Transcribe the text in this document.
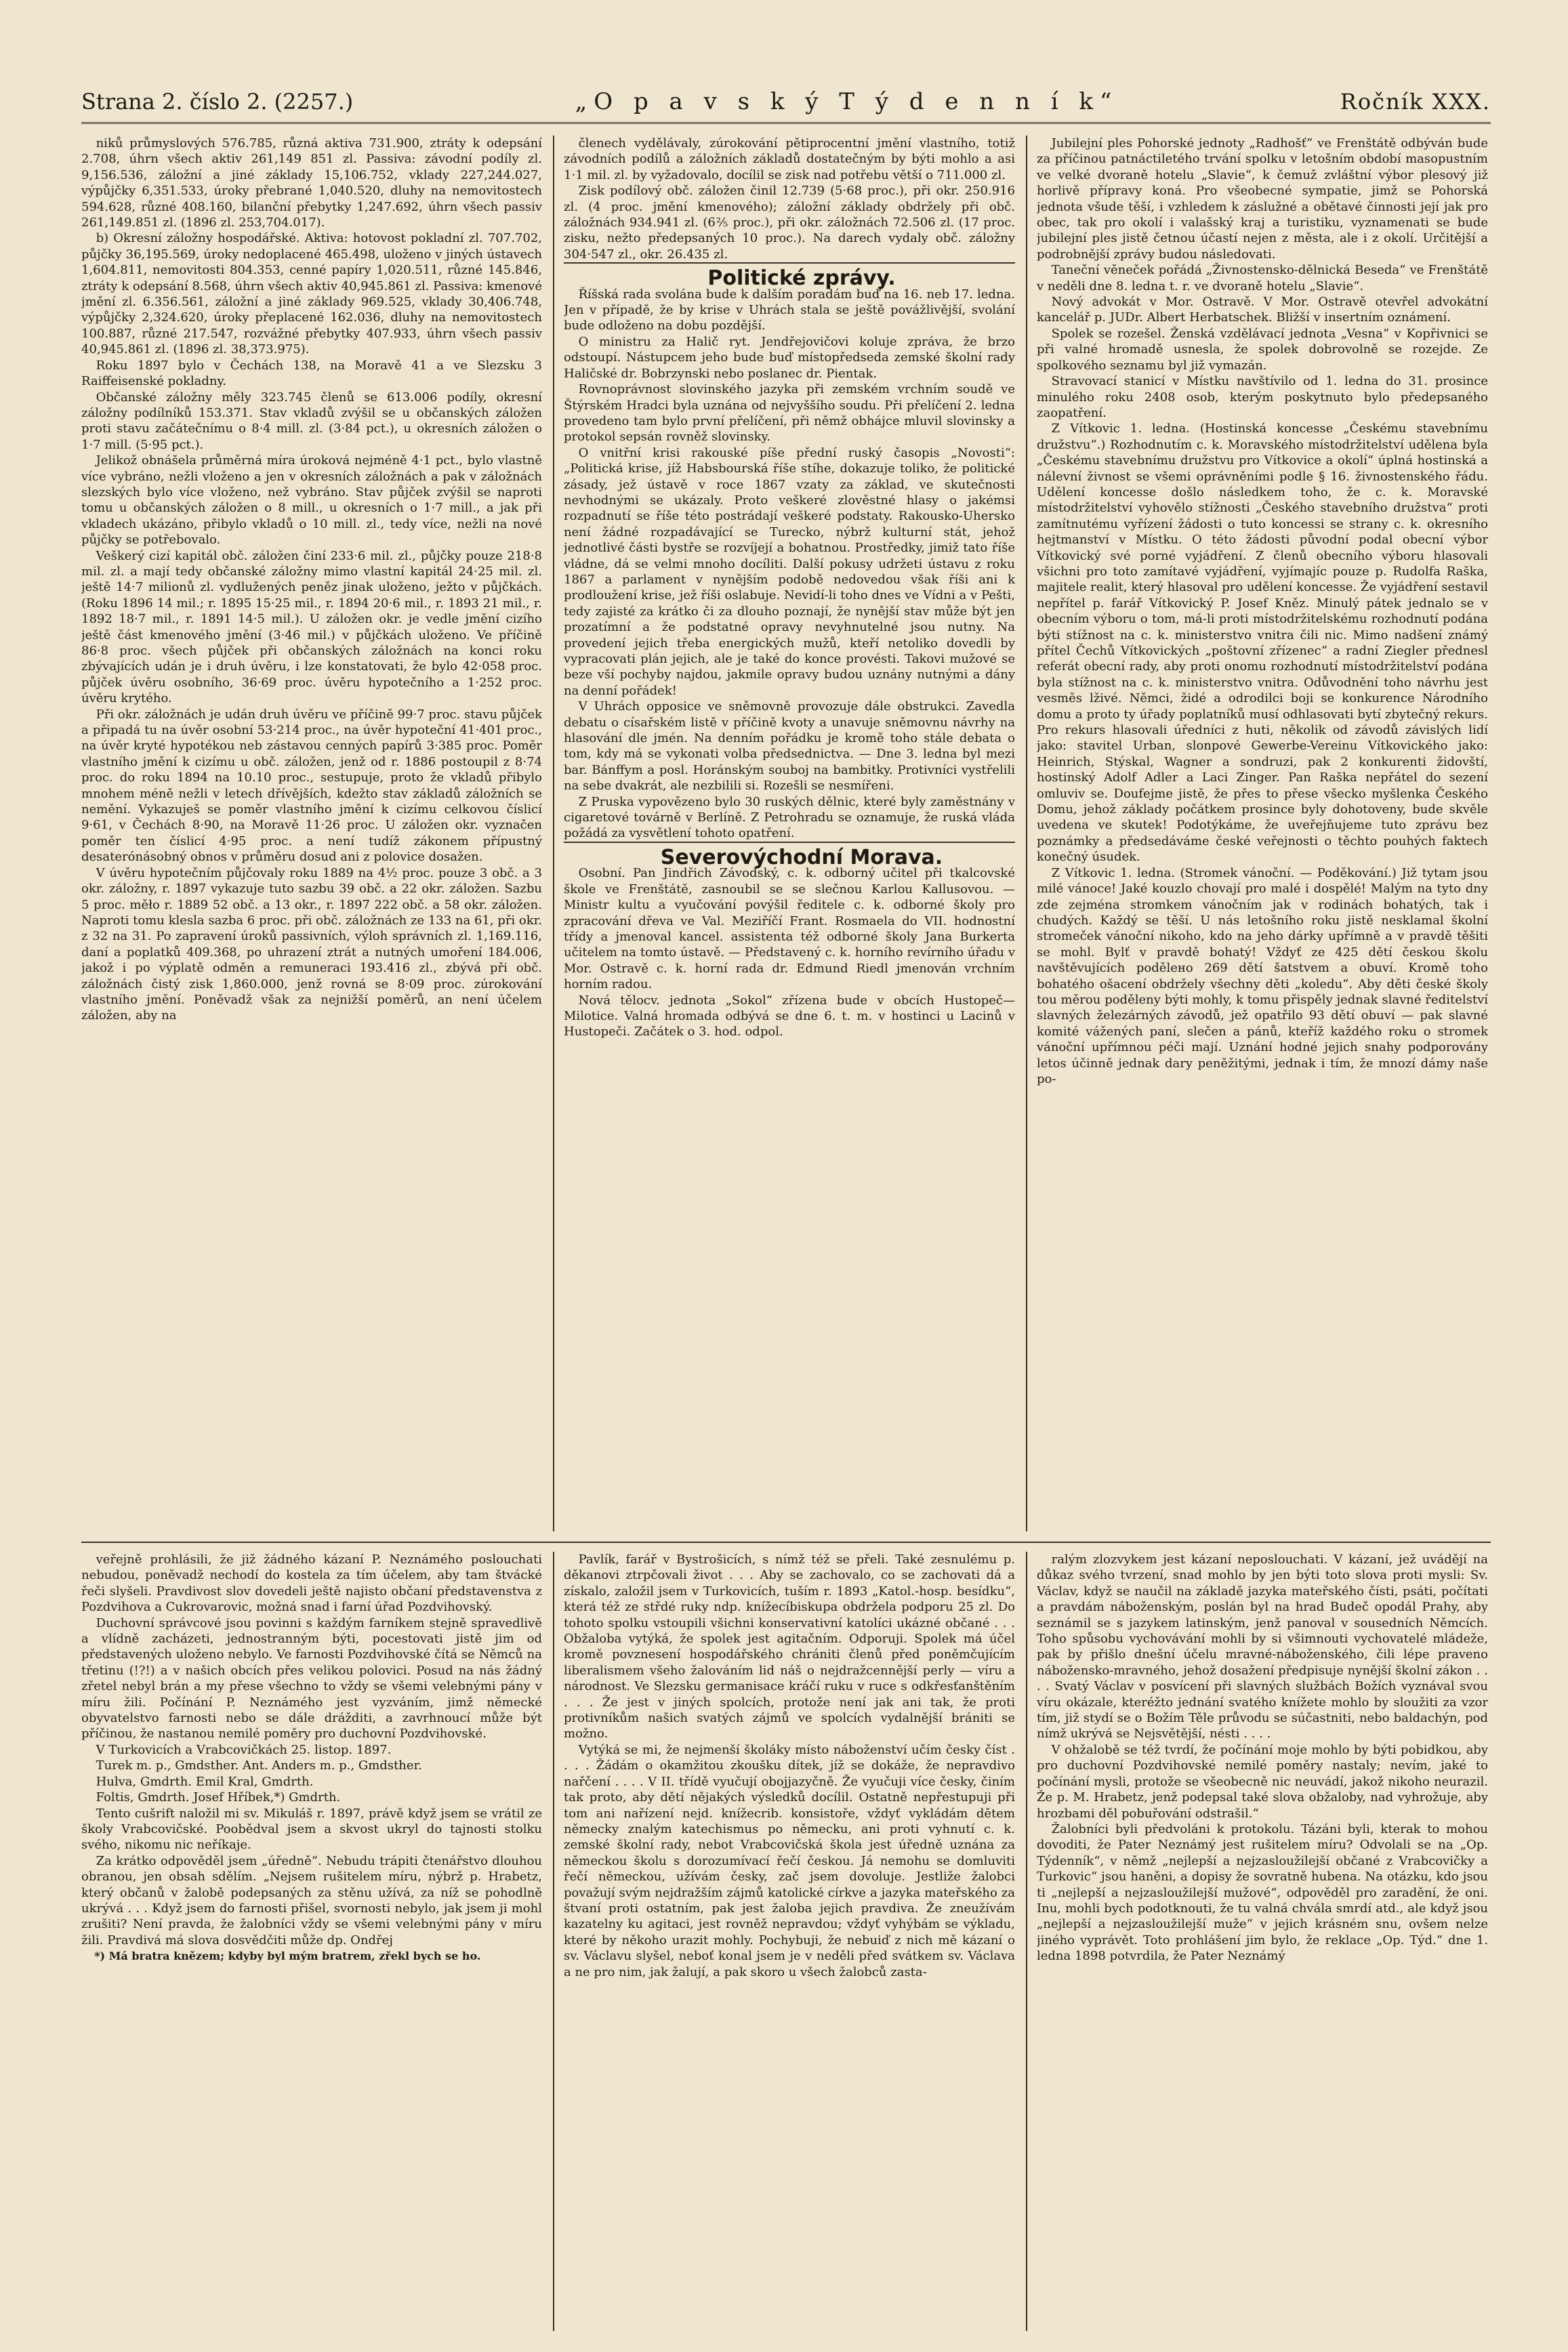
Strana 2. číslo 2. (2257.)	„O p a v s k ý T ý d e n n í k“	Ročník XXX.

niků průmyslových 576.785, různá aktiva 731.900, ztráty k odepsání 2.708, úhrn všech aktiv 261,149 851 zl. Passiva: závodní podíly zl. 9,156.536, záložní a jiné základy 15,106.752, vklady 227,244.027, výpůjčky 6,351.533, úroky přebrané 1,040.520, dluhy na nemovitostech 594.628, různé 408.160, bilanční přebytky 1,247.692, úhrn všech passiv 261,149.851 zl. (1896 zl. 253,704.017).

b) Okresní záložny hospodářské. Aktiva: hotovost pokladní zl. 707.702, půjčky 36,195.569, úroky nedoplacené 465.498, uloženo v jiných ústavech 1,604.811, nemovitosti 804.353, cenné papíry 1,020.511, různé 145.846, ztráty k odepsání 8.568, úhrn všech aktiv 40,945.861 zl. Passiva: kmenové jmění zl. 6.356.561, záložní a jiné základy 969.525, vklady 30,406.748, výpůjčky 2,324.620, úroky přeplacené 162.036, dluhy na nemovitostech 100.887, různé 217.547, rozvážné přebytky 407.933, úhrn všech passiv 40,945.861 zl. (1896 zl. 38,373.975).

Roku 1897 bylo v Čechách 138, na Moravě 41 a ve Slezsku 3 Raiffeisenské pokladny.

Občanské záložny měly 323.745 členů se 613.006 podíly, okresní záložny podílníků 153.371. Stav vkladů zvýšil se u občanských záložen proti stavu začátečnímu o 8·4 mill. zl. (3·84 pct.), u okresních záložen o 1·7 mill. (5·95 pct.).

Jelikož obnášela průměrná míra úroková nejméně 4·1 pct., bylo vlastně více vybráno, nežli vloženo a jen v okresních záložnách a pak v záložnách slezských bylo více vloženo, než vybráno. Stav půjček zvýšil se naproti tomu u občanských záložen o 8 mill., u okresních o 1·7 mill., a jak při vkladech ukázáno, přibylo vkladů o 10 mill. zl., tedy více, nežli na nové půjčky se potřebovalo.

Veškerý cizí kapitál obč. záložen činí 233·6 mil. zl., půjčky pouze 218·8 mil. zl. a mají tedy občanské záložny mimo vlastní kapitál 24·25 mil. zl. ještě 14·7 milionů zl. vydlužených peněz jinak uloženo, ježto v půjčkách. (Roku 1896 14 mil.; r. 1895 15·25 mil., r. 1894 20·6 mil., r. 1893 21 mil., r. 1892 18·7 mil., r. 1891 14·5 mil.). U záložen okr. je vedle jmění cizího ještě část kmenového jmění (3·46 mil.) v půjčkách uloženo. Ve příčině 86·8 proc. všech půjček při občanských záložnách na konci roku zbývajících udán je i druh úvěru, i lze konstatovati, že bylo 42·058 proc. půjček úvěru osobního, 36·69 proc. úvěru hypotečního a 1·252 proc. úvěru krytého.

Při okr. záložnách je udán druh úvěru ve příčině 99·7 proc. stavu půjček a připadá tu na úvěr osobní 53·214 proc., na úvěr hypoteční 41·401 proc., na úvěr kryté hypotékou neb zástavou cenných papírů 3·385 proc. Poměr vlastního jmění k cizímu u obč. záložen, jenž od r. 1886 postoupil z 8·74 proc. do roku 1894 na 10.10 proc., sestupuje, proto že vkladů přibylo mnohem méně nežli v letech dřívějších, kdežto stav základů záložních se nemění. Vykazuješ se poměr vlastního jmění k cizímu celkovou číslicí 9·61, v Čechách 8·90, na Moravě 11·26 proc. U záložen okr. vyznačen poměr ten číslicí 4·95 proc. a není tudíž zákonem přípustný desaterónásobný obnos v průměru dosud ani z polovice dosažen.

V úvěru hypotečním půjčovaly roku 1889 na 4½ proc. pouze 3 obč. a 3 okr. záložny, r. 1897 vykazuje tuto sazbu 39 obč. a 22 okr. záložen. Sazbu 5 proc. měło r. 1889 52 obč. a 13 okr., r. 1897 222 obč. a 58 okr. záložen. Naproti tomu klesla sazba 6 proc. při obč. záložnách ze 133 na 61, při okr. z 32 na 31. Po zapravení úroků passivních, výloh správních zl. 1,169.116, daní a poplatků 409.368, po uhrazení ztrát a nutných umoření 184.006, jakož i po výplatě odměn a remuneraci 193.416 zl., zbývá při obč. záložnách čistý zisk 1,860.000, jenž rovná se 8·09 proc. zúrokování vlastního jmění. Poněvadž však za nejnižší poměrů, an není účelem záložen, aby na

členech vydělávaly, zúrokování pětiprocentní jmění vlastního, totiž závodních podílů a záložních základů dostatečným by býti mohlo a asi 1·1 mil. zl. by vyžadovalo, docílil se zisk nad potřebu větší o 711.000 zl.

Zisk podílový obč. záložen činil 12.739 (5·68 proc.), při okr. 250.916 zl. (4 proc. jmění kmenového); záložní základy obdržely při obč. záložnách 934.941 zl. (6⅖ proc.), při okr. záložnách 72.506 zl. (17 proc. zisku, nežto předepsaných 10 proc.). Na darech vydaly obč. záložny 304·547 zl., okr. 26.435 zl.

Politické zprávy.

Říšská rada svolána bude k dalším poradám buď na 16. neb 17. ledna. Jen v případě, že by krise v Uhrách stala se ještě povážlivější, svolání bude odloženo na dobu pozdější.

O ministru za Halič ryt. Jendřejovičovi koluje zpráva, že brzo odstoupí. Nástupcem jeho bude buď místopředseda zemské školní rady Haličské dr. Bobrzynski nebo poslanec dr. Pientak.

Rovnoprávnost slovinského jazyka při zemském vrchním soudě ve Štýrském Hradci byla uznána od nejvyššího soudu. Při přelíčení 2. ledna provedeno tam bylo první přelíčení, při němž obhájce mluvil slovinsky a protokol sepsán rovněž slovinsky.

O vnitřní krisi rakouské píše přední ruský časopis „Novosti“: „Politická krise, jíž Habsbourská říše stíhe, dokazuje toliko, že politické zásady, jež ústavě v roce 1867 vzaty za základ, ve skutečnosti nevhodnými se ukázaly. Proto veškeré zlověstné hlasy o jakémsi rozpadnutí se říše této postrádají veškeré podstaty. Rakousko-Uhersko není žádné rozpadávající se Turecko, nýbrž kulturní stát, jehož jednotlivé části bystře se rozvíjejí a bohatnou. Prostředky, jimiž tato říše vládne, dá se velmi mnoho docíliti. Další pokusy udržeti ústavu z roku 1867 a parlament v nynějším podobě nedovedou však říši ani k prodloužení krise, jež říši oslabuje. Nevidí-li toho dnes ve Vídni a v Pešti, tedy zajisté za krátko či za dlouho poznají, že nynější stav může být jen prozatímní a že podstatné opravy nevyhnutelné jsou nutny. Na provedení jejich třeba energických mužů, kteří netoliko dovedli by vypracovati plán jejich, ale je také do konce provésti. Takovi mužové se beze vší pochyby najdou, jakmile opravy budou uznány nutnými a dány na denní pořádek!

V Uhrách opposice ve sněmovně provozuje dále obstrukci. Zavedla debatu o císařském listě v příčině kvoty a unavuje sněmovnu návrhy na hlasování dle jmén. Na denním pořádku je kromě toho stále debata o tom, kdy má se vykonati volba předsednictva. — Dne 3. ledna byl mezi bar. Bánffym a posl. Horánským souboj na bambitky. Protivníci vystřelili na sebe dvakrát, ale nezbilili si. Rozešli se nesmířeni.

Z Pruska vypovězeno bylo 30 ruských dělnic, které byly zaměstnány v cigaretové továrně v Berlíně. Z Petrohradu se oznamuje, že ruská vláda požádá za vysvětlení tohoto opatření.

Severovýchodní Morava.

Osobní. Pan Jindřich Závodský, c. k. odborný učitel při tkalcovské škole ve Frenštátě, zasnoubil se se slečnou Karlou Kallusovou. — Ministr kultu a vyučování povýšil ředitele c. k. odborné školy pro zpracování dřeva ve Val. Meziříčí Frant. Rosmaela do VII. hodnostní třídy a jmenoval kancel. assistenta též odborné školy Jana Burkerta učitelem na tomto ústavě. — Představený c. k. horního revírního úřadu v Mor. Ostravě c. k. horní rada dr. Edmund Riedl jmenován vrchním horním radou.

Nová tělocv. jednota „Sokol“ zřízena bude v obcích Hustopeč—Milotice. Valná hromada odbývá se dne 6. t. m. v hostinci u Lacinů v Hustopeči. Začátek o 3. hod. odpol.

Jubilejní ples Pohorské jednoty „Radhošť“ ve Frenštátě odbýván bude za příčinou patnáctiletého trvání spolku v letošním období masopustním ve velké dvoraně hotelu „Slavie“, k čemuž zvláštní výbor plesový již horlivě přípravy koná. Pro všeobecné sympatie, jimž se Pohorská jednota všude těší, i vzhledem k záslužné a obětavé činnosti její jak pro obec, tak pro okolí i valašský kraj a turistiku, vyznamenati se bude jubilejní ples jistě četnou účastí nejen z města, ale i z okolí. Určitější a podrobnější zprávy budou následovati.

Taneční věneček pořádá „Živnostensko-dělnická Beseda“ ve Frenštátě v neděli dne 8. ledna t. r. ve dvoraně hotelu „Slavie“.

Nový advokát v Mor. Ostravě. V Mor. Ostravě otevřel advokátní kancelář p. JUDr. Albert Herbatschek. Bližší v insertním oznámení.

Spolek se rozešel. Ženská vzdělávací jednota „Vesna“ v Kopřivnici se při valné hromadě usnesla, že spolek dobrovolně se rozejde. Ze spolkového seznamu byl již vymazán.

Stravovací stanicí v Místku navštívilo od 1. ledna do 31. prosince minulého roku 2408 osob, kterým poskytnuto bylo předepsaného zaopatření.

Z Vítkovic 1. ledna. (Hostinská koncesse „Českému stavebnímu družstvu“.) Rozhodnutím c. k. Moravského místodržitelství udělena byla „Českému stavebnímu družstvu pro Vítkovice a okolí“ úplná hostinská a nálevní živnost se všemi oprávněními podle § 16. živnostenského řádu. Udělení koncesse došlo následkem toho, že c. k. Moravské místodržitelství vyhovělo stížnosti „Českého stavebního družstva“ proti zamítnutému vyřízení žádosti o tuto koncessi se strany c. k. okresního hejtmanství v Místku. O této žádosti původní podal obecní výbor Vítkovický své porné vyjádření. Z členů obecního výboru hlasovali všichni pro toto zamítavé vyjádření, vyjímajíc pouze p. Rudolfa Raška, majitele realit, který hlasoval pro udělení koncesse. Že vyjádření sestavil nepřítel p. farář Vítkovický P. Josef Kněz. Minulý pátek jednalo se v obecním výboru o tom, má-li proti místodržitelskému rozhodnutí podána býti stížnost na c. k. ministerstvo vnitra čili nic. Mimo nadšení známý přítel Čechů Vítkovických „poštovní zřízenec“ a radní Ziegler přednesl referát obecní rady, aby proti onomu rozhodnutí místodržitelství podána byla stížnost na c. k. ministerstvo vnitra. Odůvodnění toho návrhu jest vesměs lživé. Němci, židé a odrodilci boji se konkurence Národního domu a proto ty úřady poplatníků musí odhlasovati bytí zbytečný rekurs. Pro rekurs hlasovali úředníci z huti, několik od závodů závislých lidí jako: stavitel Urban, slonpové Gewerbe-Vereinu Vítkovického jako: Heinrich, Stýskal, Wagner a sondruzi, pak 2 konkurenti židovští, hostinský Adolf Adler a Laci Zinger. Pan Raška nepřátel do sezení omluviv se. Doufejme jistě, že přes to přese všecko myšlenka Českého Domu, jehož základy počátkem prosince byly dohotoveny, bude skvěle uvedena ve skutek! Podotýkáme, že uveřejňujeme tuto zprávu bez poznámky a předsedáváme české veřejnosti o těchto pouhých faktech konečný úsudek.

Z Vítkovic 1. ledna. (Stromek vánoční. — Poděkování.) Již tytam jsou milé vánoce! Jaké kouzlo chovají pro malé i dospělé! Malým na tyto dny zde zejména stromkem vánočním jak v rodinách bohatých, tak i chudých. Každý se těší. U nás letošního roku jistě nesklamal školní stromeček vánoční nikoho, kdo na jeho dárky upřímně a v pravdě těšiti se mohl. Bylť v pravdě bohatý! Vždyť ze 425 dětí českou školu navštěvujících podělено 269 dětí šatstvem a obuví. Kromě toho bohatého ošacení obdržely všechny děti „koledu“. Aby děti české školy tou měrou poděleny býti mohly, k tomu přispěly jednak slavné ředitelství slavných železárných závodů, jež opatřilo 93 dětí obuví — pak slavné komité vážených paní, slečen a pánů, kteříž každého roku o stromek vánoční upřímnou péči mají. Uznání hodné jejich snahy podporovány letos účinně jednak dary peněžitými, jednak i tím, že mnozí dámy naše po-

veřejně prohlásili, že již žádného kázaní P. Neznámého poslouchati nebudou, poněvadž nechodí do kostela za tím účelem, aby tam štvácké řeči slyšeli. Pravdivost slov dovedeli ještě najisto občaní představenstva z Pozdvihova a Cukrovarovic, možná snad i farní úřad Pozdvihovský.

Duchovní správcové jsou povinni s každým farníkem stejně spravedlivě a vlídně zacházeti, jednostranným býti, pocestovati jistě jim od představených uloženo nebylo. Ve farnosti Pozdvihovské čítá se Němců na třetinu (!?!) a v našich obcích přes velikou polovici. Posud na nás žádný zřetel nebyl brán a my přese všechno to vždy se všemi velebnými pány v míru žili. Počínání P. Neznámého jest vyzváním, jimž německé obyvatelstvo farnosti nebo se dále drážditi, a zavrhnoucí může být příčinou, že nastanou nemilé poměry pro duchovní Pozdvihovské.

V Turkovicích a Vrabcovičkách 25. listop. 1897.

Turek m. p., Gmdsther. Ant. Anders m. p., Gmdsther.

Hulva, Gmdrth. Emil Kral, Gmdrth.

Foltis, Gmdrth. Josef Hříbek,*) Gmdrth.

Tento cušrift naložil mi sv. Mikuláš r. 1897, právě když jsem se vrátil ze školy Vrabcovičské. Poobědval jsem a skvost ukryl do tajnosti stolku svého, nikomu nic neříkaje.

Za krátko odpověděl jsem „úředně“. Nebudu trápiti čtenářstvo dlouhou obranou, jen obsah sdělím. „Nejsem rušitelem míru, nýbrž p. Hrabetz, který občanů v žalobě podepsaných za stěnu užívá, za níž se pohodlně ukrývá . . . Když jsem do farnosti přišel, svornosti nebylo, jak jsem ji mohl zrušiti? Není pravda, že žalobníci vždy se všemi velebnými pány v míru žili. Pravdivá má slova dosvědčiti může dp. Ondřej

*) Má bratra knězem; kdyby byl mým bratrem, zřekl bych se ho.

Pavlík, farář v Bystrošicích, s nímž též se přeli. Také zesnulému p. děkanovi ztrpčovali život . . . Aby se zachovalo, co se zachovati dá a získalo, založil jsem v Turkovicích, tuším r. 1893 „Katol.-hosp. besídku“, která též ze střdé ruky ndp. knížecíbiskupa obdržela podporu 25 zl. Do tohoto spolku vstoupili všichni konservativní katolíci ukázné občané . . . Obžaloba vytýká, že spolek jest agitačním. Odporuji. Spolek má účel kromě povznesení hospodářského chrániti členů před poněmčujícím liberalismem všeho žalováním lid náš o nejdražcennější perly — víru a národnost. Ve Slezsku germanisace kráčí ruku v ruce s odkřesťanštěním . . . Že jest v jiných spolcích, protože není jak ani tak, že proti protivníkům našich svatých zájmů ve spolcích vydalnější brániti se možno.

Vytýká se mi, že nejmenší školáky místo náboženství učím česky číst . . . . Žádám o okamžitou zkoušku dítek, jíž se dokáže, že nepravdivo nařčení . . . . V II. třídě vyučují obojjazyčně. Že vyučuji více česky, činím tak proto, aby dětí nějakých výsledků docílil. Ostatně nepřestupuji při tom ani nařízení nejd. knížecrib. konsistoře, vždyť vykládám dětem německy znalým katechismus po německu, ani proti vyhnutí c. k. zemské školní rady, nebot Vrabcovičská škola jest úředně uznána za německou školu s dorozumívací řečí českou. Já nemohu se domluviti řečí německou, užívám česky, zač jsem dovoluje. Jestliže žalobci považují svým nejdražším zájmů katolické církve a jazyka mateřského za štvaní proti ostatním, pak jest žaloba jejich pravdiva. Že zneužívám kazatelny ku agitaci, jest rovněž nepravdou; vždyť vyhýbám se výkladu, které by někoho urazit mohly. Pochybuji, že nebuiď z nich mě kázaní o sv. Václavu slyšel, neboť konal jsem je v neděli před svátkem sv. Václava a ne pro nim, jak žalují, a pak skoro u všech žalobců zasta-

ralým zlozvykem jest kázaní neposlouchati. V kázaní, jež uvádějí na důkaz svého tvrzení, snad mohlo by jen býti toto slova proti mysli: Sv. Václav, když se naučil na základě jazyka mateřského čísti, psáti, počítati a pravdám náboženským, poslán byl na hrad Budeč opodál Prahy, aby seznámil se s jazykem latinským, jenž panoval v sousedních Němcích. Toho spůsobu vychovávání mohli by si všimnouti vychovatelé mládeže, pak by přišlo dnešní účelu mravné-náboženského, čili lépe praveno náboženskо-mravného, jehož dosažení předpisuje nynější školní zákon . . . . Svatý Václav v posvícení při slavných službách Božích vyznával svou víru okázale, kteréžto jednání svatého knížete mohlo by sloužiti za vzor tím, již stydí se o Božím Těle průvodu se súčastniti, nebo baldachýn, pod nímž ukrývá se Nejsvětější, nésti . . . .

V ohžalobě se též tvrdí, že počínání moje mohlo by býti pobidkou, aby pro duchovní Pozdvihovské nemilé poměry nastaly; nevím, jaké to počínání mysli, protože se všeobecně nic neuvádí, jakož nikoho neurazil. Že p. M. Hrabetz, jenž podepsal také slova obžaloby, nad vyhrožuje, aby hrozbami děl pobuřování odstrašil.“

Žalobníci byli předvoláni k protokolu. Tázáni byli, kterak to mohou dovoditi, že Pater Neznámý jest rušitelem míru? Odvolali se na „Op. Týdenník“, v němž „nejlepší a nejzasloužilejší občané z Vrabcovičky a Turkovic“ jsou haněni, a dopisy že sovratně hubena. Na otázku, kdo jsou ti „nejlepší a nejzasloužilejší mužové“, odpověděl pro zaradění, že oni. Inu, mohli bych podotknouti, že tu valná chvála smrdí atd., ale když jsou „nejlepší a nejzasloužilejší muže“ v jejich krásném snu, ovšem nelze jiného vyprávět. Toto prohlášení jim bylo, že reklace „Op. Týd.“ dne 1. ledna 1898 potvrdila, že Pater Neznámý
